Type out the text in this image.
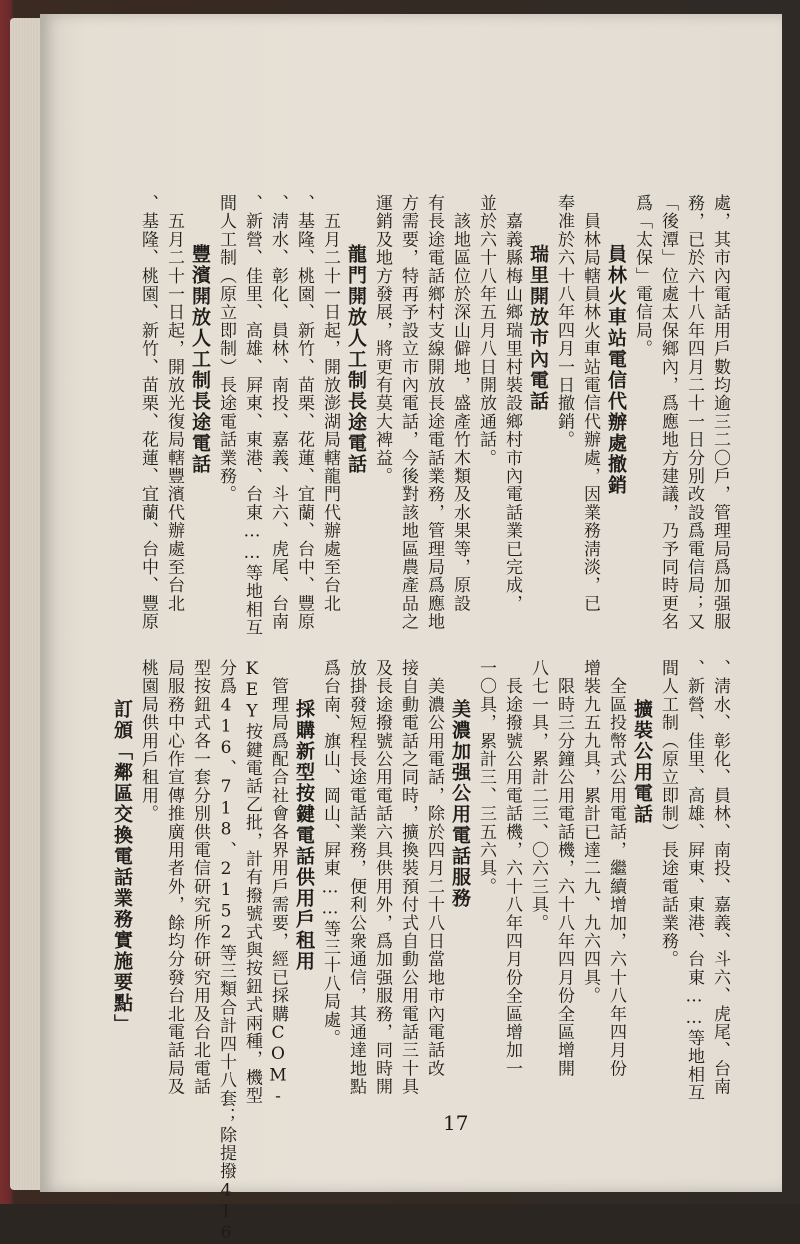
處，其市內電話用戶數均逾三二〇戶，管理局爲加强服
務，已於六十八年四月二十一日分別改設爲電信局；又
「後潭」位處太保鄉內，爲應地方建議，乃予同時更名
爲「太保」電信局。
員林火車站電信代辦處撤銷
　員林局轄員林火車站電信代辦處，因業務淸淡，已
奉准於六十八年四月一日撤銷。
瑞里開放市內電話
　嘉義縣梅山鄉瑞里村裝設鄉村市內電話業已完成，
並於六十八年五月八日開放通話。
　該地區位於深山僻地，盛產竹木類及水果等，原設
有長途電話鄉村支線開放長途電話業務，管理局爲應地
方需要，特再予設立市內電話，今後對該地區農產品之
運銷及地方發展，將更有莫大裨益。
龍門開放人工制長途電話
　五月二十一日起，開放澎湖局轄龍門代辦處至台北
、基隆、桃園、新竹、苗栗、花蓮、宜蘭、台中、豐原
、淸水、彰化、員林、南投、嘉義、斗六、虎尾、台南
、新營、佳里、高雄、屛東、東港、台東……等地相互
間人工制（原立即制）長途電話業務。
豐濱開放人工制長途電話
　五月二十一日起，開放光復局轄豐濱代辦處至台北
、基隆、桃園、新竹、苗栗、花蓮、宜蘭、台中、豐原
、淸水、彰化、員林、南投、嘉義、斗六、虎尾、台南
、新營、佳里、高雄、屛東、東港、台東……等地相互
間人工制（原立即制）長途電話業務。
擴裝公用電話
　全區投幣式公用電話，繼續增加，六十八年四月份
增裝九五九具，累計已達二九、九六四具。
　限時三分鐘公用電話機，六十八年四月份全區增開
八七一具，累計二三、〇六三具。
　長途撥號公用電話機，六十八年四月份全區增加一
一〇具，累計三、三五六具。
美濃加强公用電話服務
　美濃公用電話，除於四月二十八日當地市內電話改
接自動電話之同時，擴換裝預付式自動公用電話三十具
及長途撥號公用電話六具供用外，爲加强服務，同時開
放掛發短程長途電話業務，便利公衆通信，其通達地點
爲台南、旗山、岡山、屛東……等三十八局處。
採購新型按鍵電話供用戶租用
　管理局爲配合社會各界用戶需要，經已採購COM-
KEY按鍵電話乙批，計有撥號式與按鈕式兩種，機型
分爲416、718、2152等三類合計四十八套；除提撥416
型按鈕式各一套分別供電信研究所作研究用及台北電話
局服務中心作宣傳推廣用者外，餘均分發台北電話局及
桃園局供用戶租用。
訂頒「鄰區交換電話業務實施要點」
17
